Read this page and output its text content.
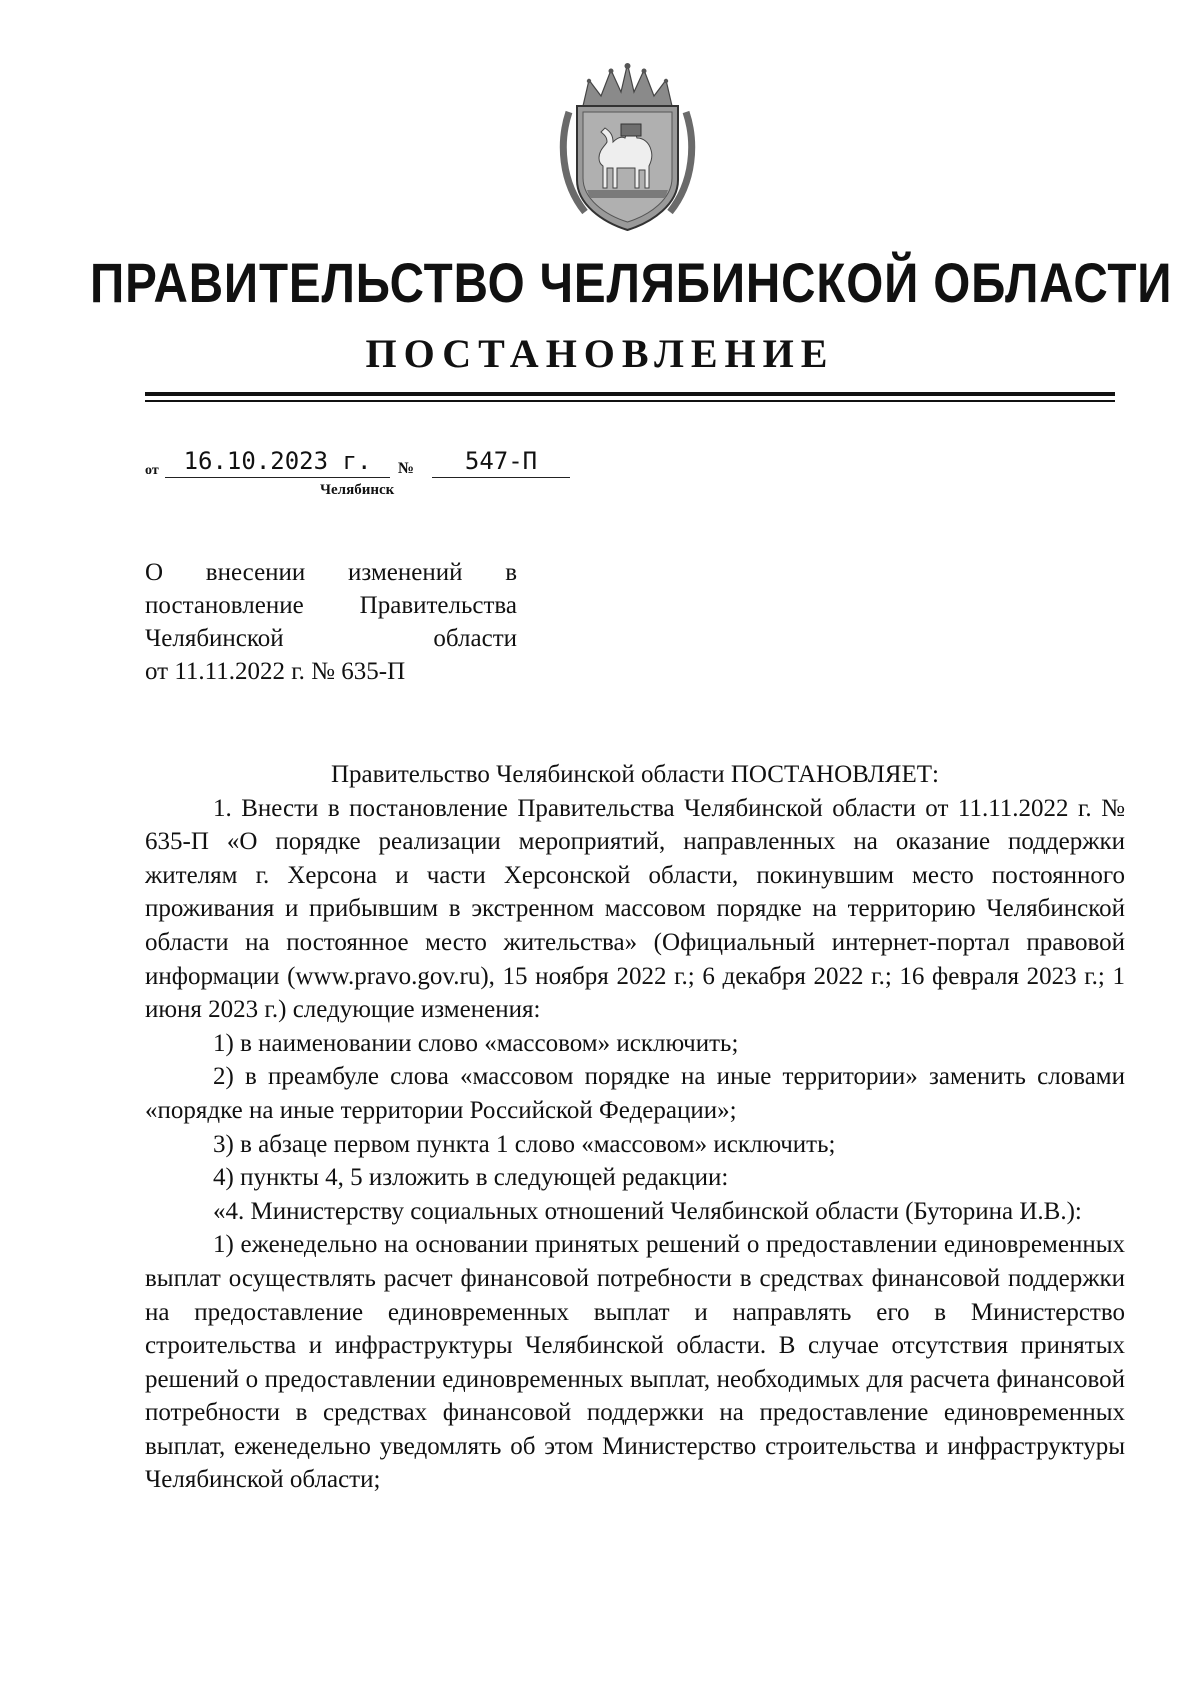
ПРАВИТЕЛЬСТВО ЧЕЛЯБИНСКОЙ ОБЛАСТИ
ПОСТАНОВЛЕНИЕ
от	16.10.2023 г.	№	547-П
Челябинск
О внесении изменений в
постановление Правительства
Челябинской области
от 11.11.2022 г. № 635-П

Правительство Челябинской области ПОСТАНОВЛЯЕТ:

1. Внести в постановление Правительства Челябинской области от 11.11.2022 г. № 635-П «О порядке реализации мероприятий, направленных на оказание поддержки жителям г. Херсона и части Херсонской области, покинувшим место постоянного проживания и прибывшим в экстренном массовом порядке на территорию Челябинской области на постоянное место жительства» (Официальный интернет-портал правовой информации (www.pravo.gov.ru), 15 ноября 2022 г.; 6 декабря 2022 г.; 16 февраля 2023 г.; 1 июня 2023 г.) следующие изменения:

1) в наименовании слово «массовом» исключить;

2) в преамбуле слова «массовом порядке на иные территории» заменить словами «порядке на иные территории Российской Федерации»;

3) в абзаце первом пункта 1 слово «массовом» исключить;

4) пункты 4, 5 изложить в следующей редакции:

«4. Министерству социальных отношений Челябинской области (Буторина И.В.):

1) еженедельно на основании принятых решений о предоставлении единовременных выплат осуществлять расчет финансовой потребности в средствах финансовой поддержки на предоставление единовременных выплат и направлять его в Министерство строительства и инфраструктуры Челябинской области. В случае отсутствия принятых решений о предоставлении единовременных выплат, необходимых для расчета финансовой потребности в средствах финансовой поддержки на предоставление единовременных выплат, еженедельно уведомлять об этом Министерство строительства и инфраструктуры Челябинской области;
